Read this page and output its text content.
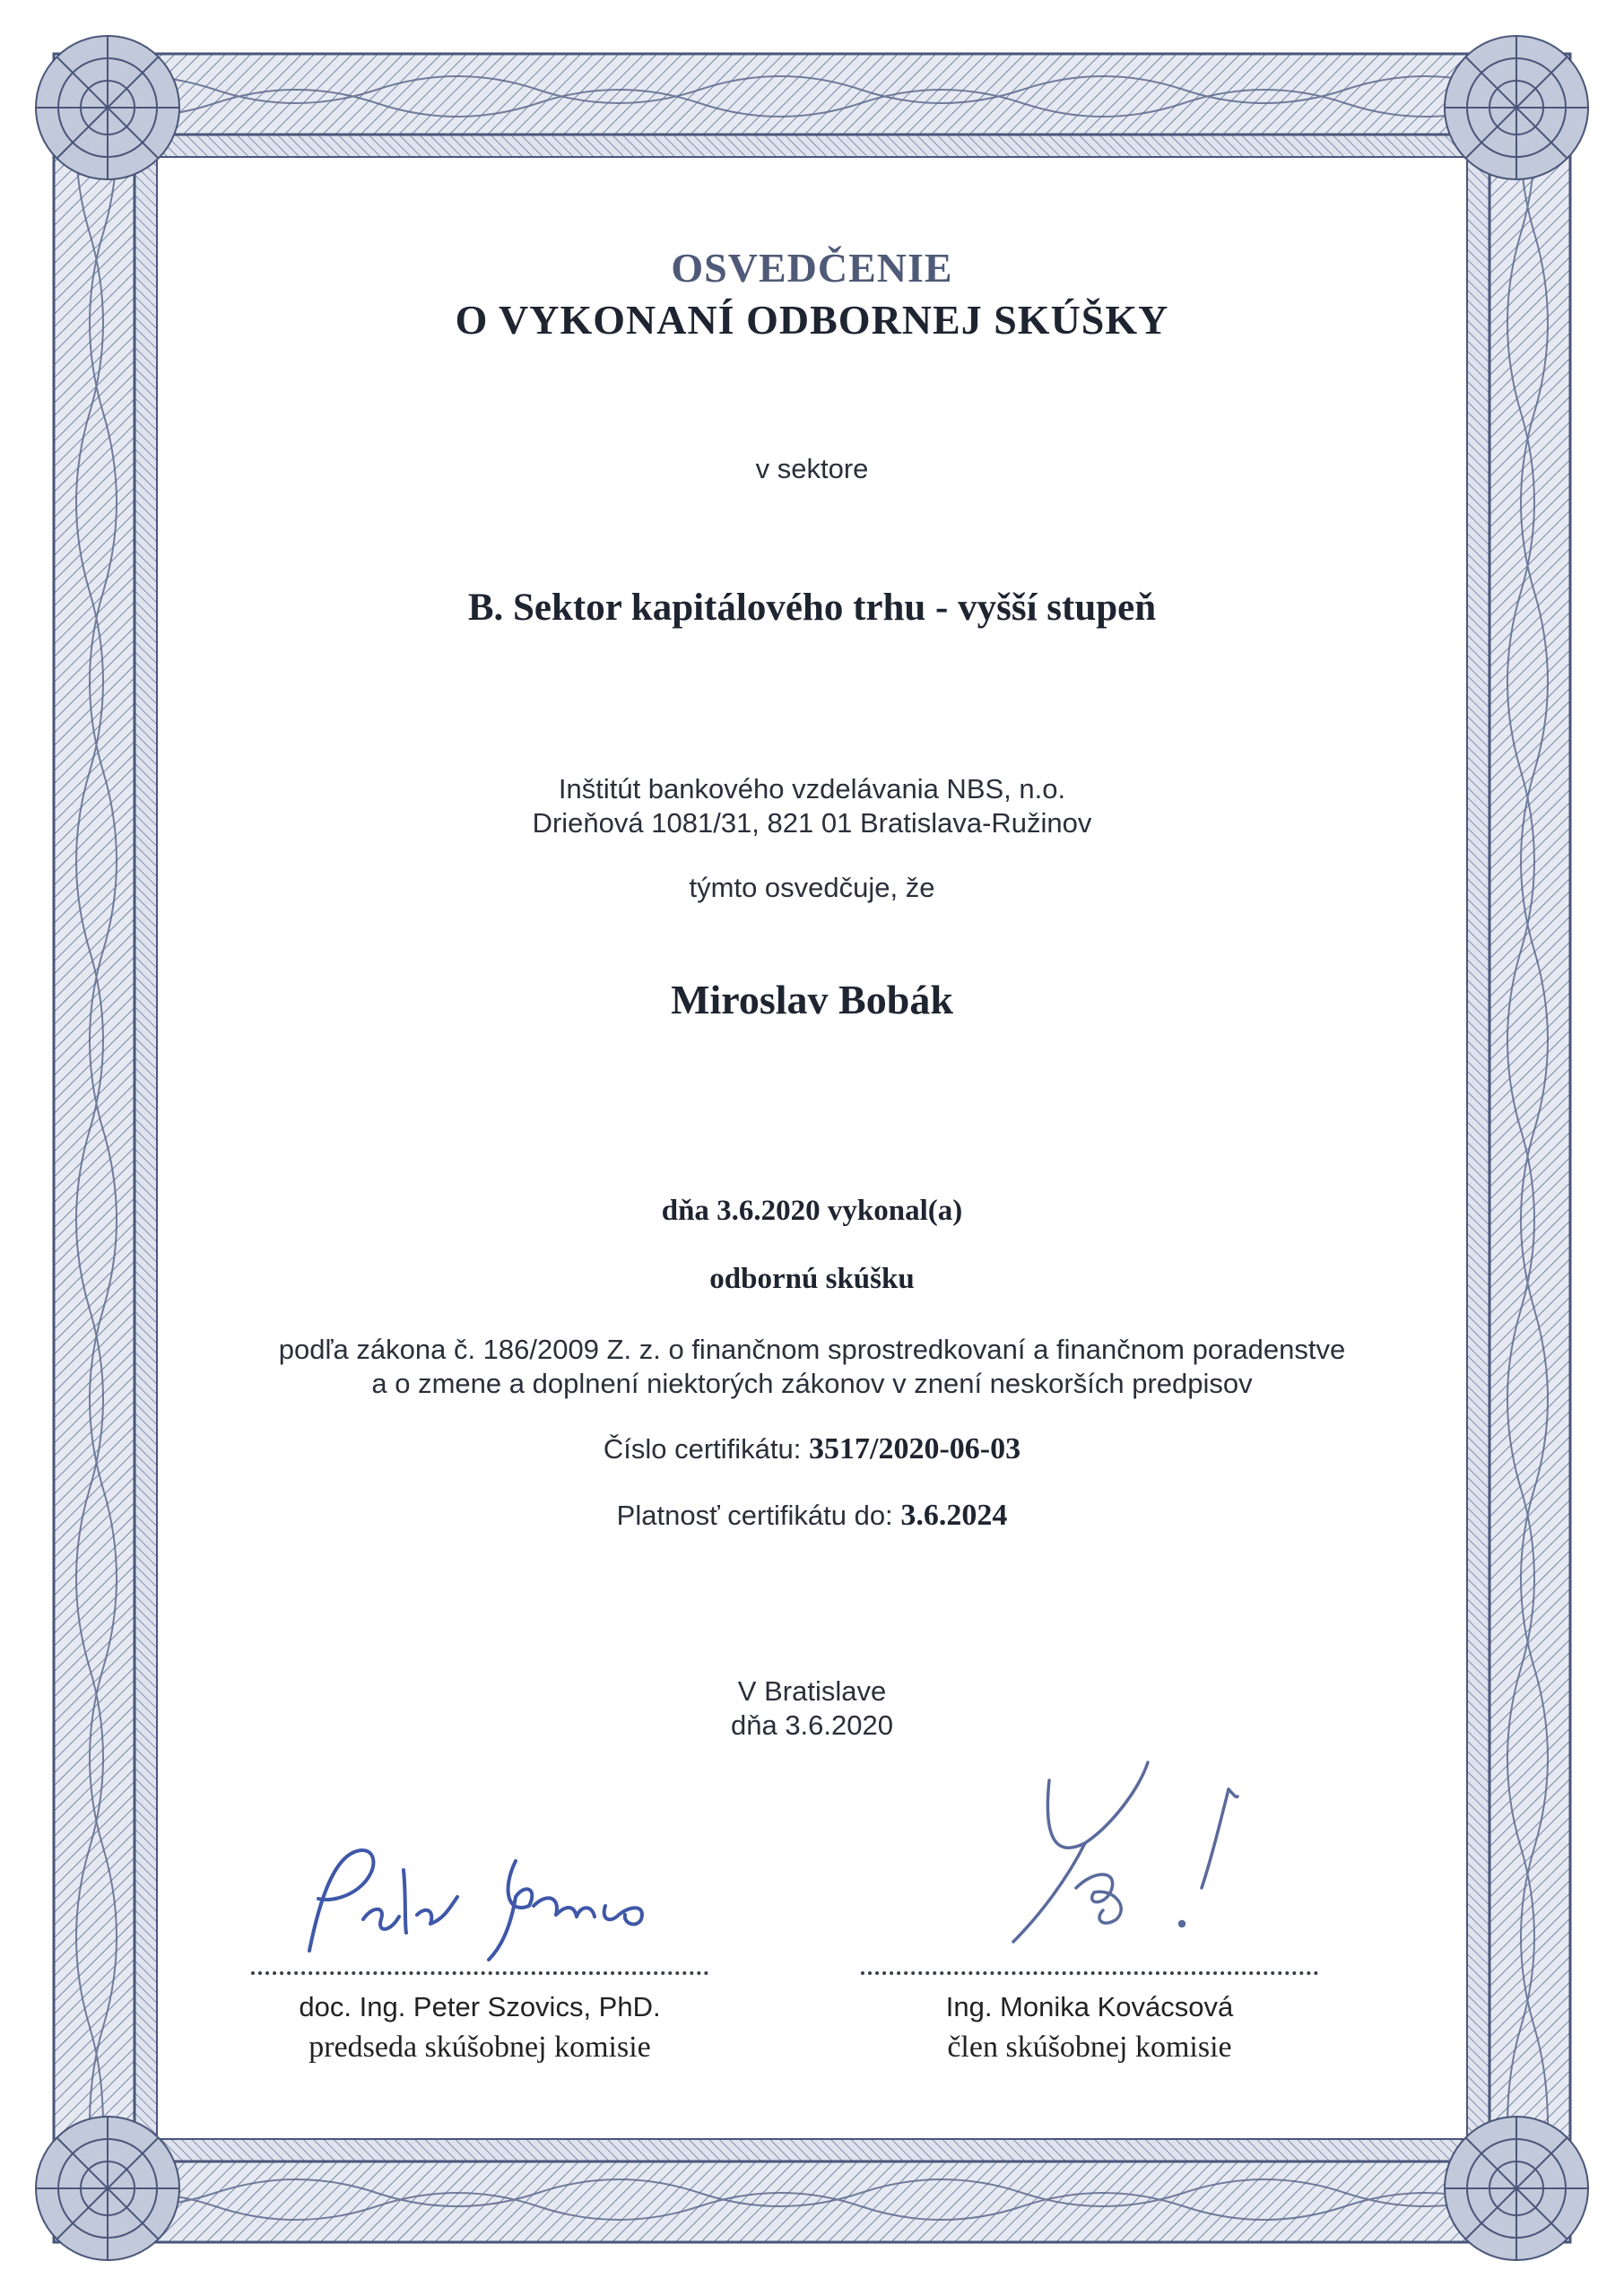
OSVEDČENIE
O VYKONANÍ ODBORNEJ SKÚŠKY
v sektore
B. Sektor kapitálového trhu - vyšší stupeň
Inštitút bankového vzdelávania NBS, n.o.
Drieňová 1081/31, 821 01 Bratislava-Ružinov
týmto osvedčuje, že
Miroslav Bobák
dňa 3.6.2020 vykonal(a)
odbornú skúšku
podľa zákona č. 186/2009 Z. z. o finančnom sprostredkovaní a finančnom poradenstve
a o zmene a doplnení niektorých zákonov v znení neskorších predpisov
Číslo certifikátu: 3517/2020-06-03
Platnosť certifikátu do: 3.6.2024
V Bratislave
dňa 3.6.2020
doc. Ing. Peter Szovics, PhD.
predseda skúšobnej komisie
Ing. Monika Kovácsová
člen skúšobnej komisie
